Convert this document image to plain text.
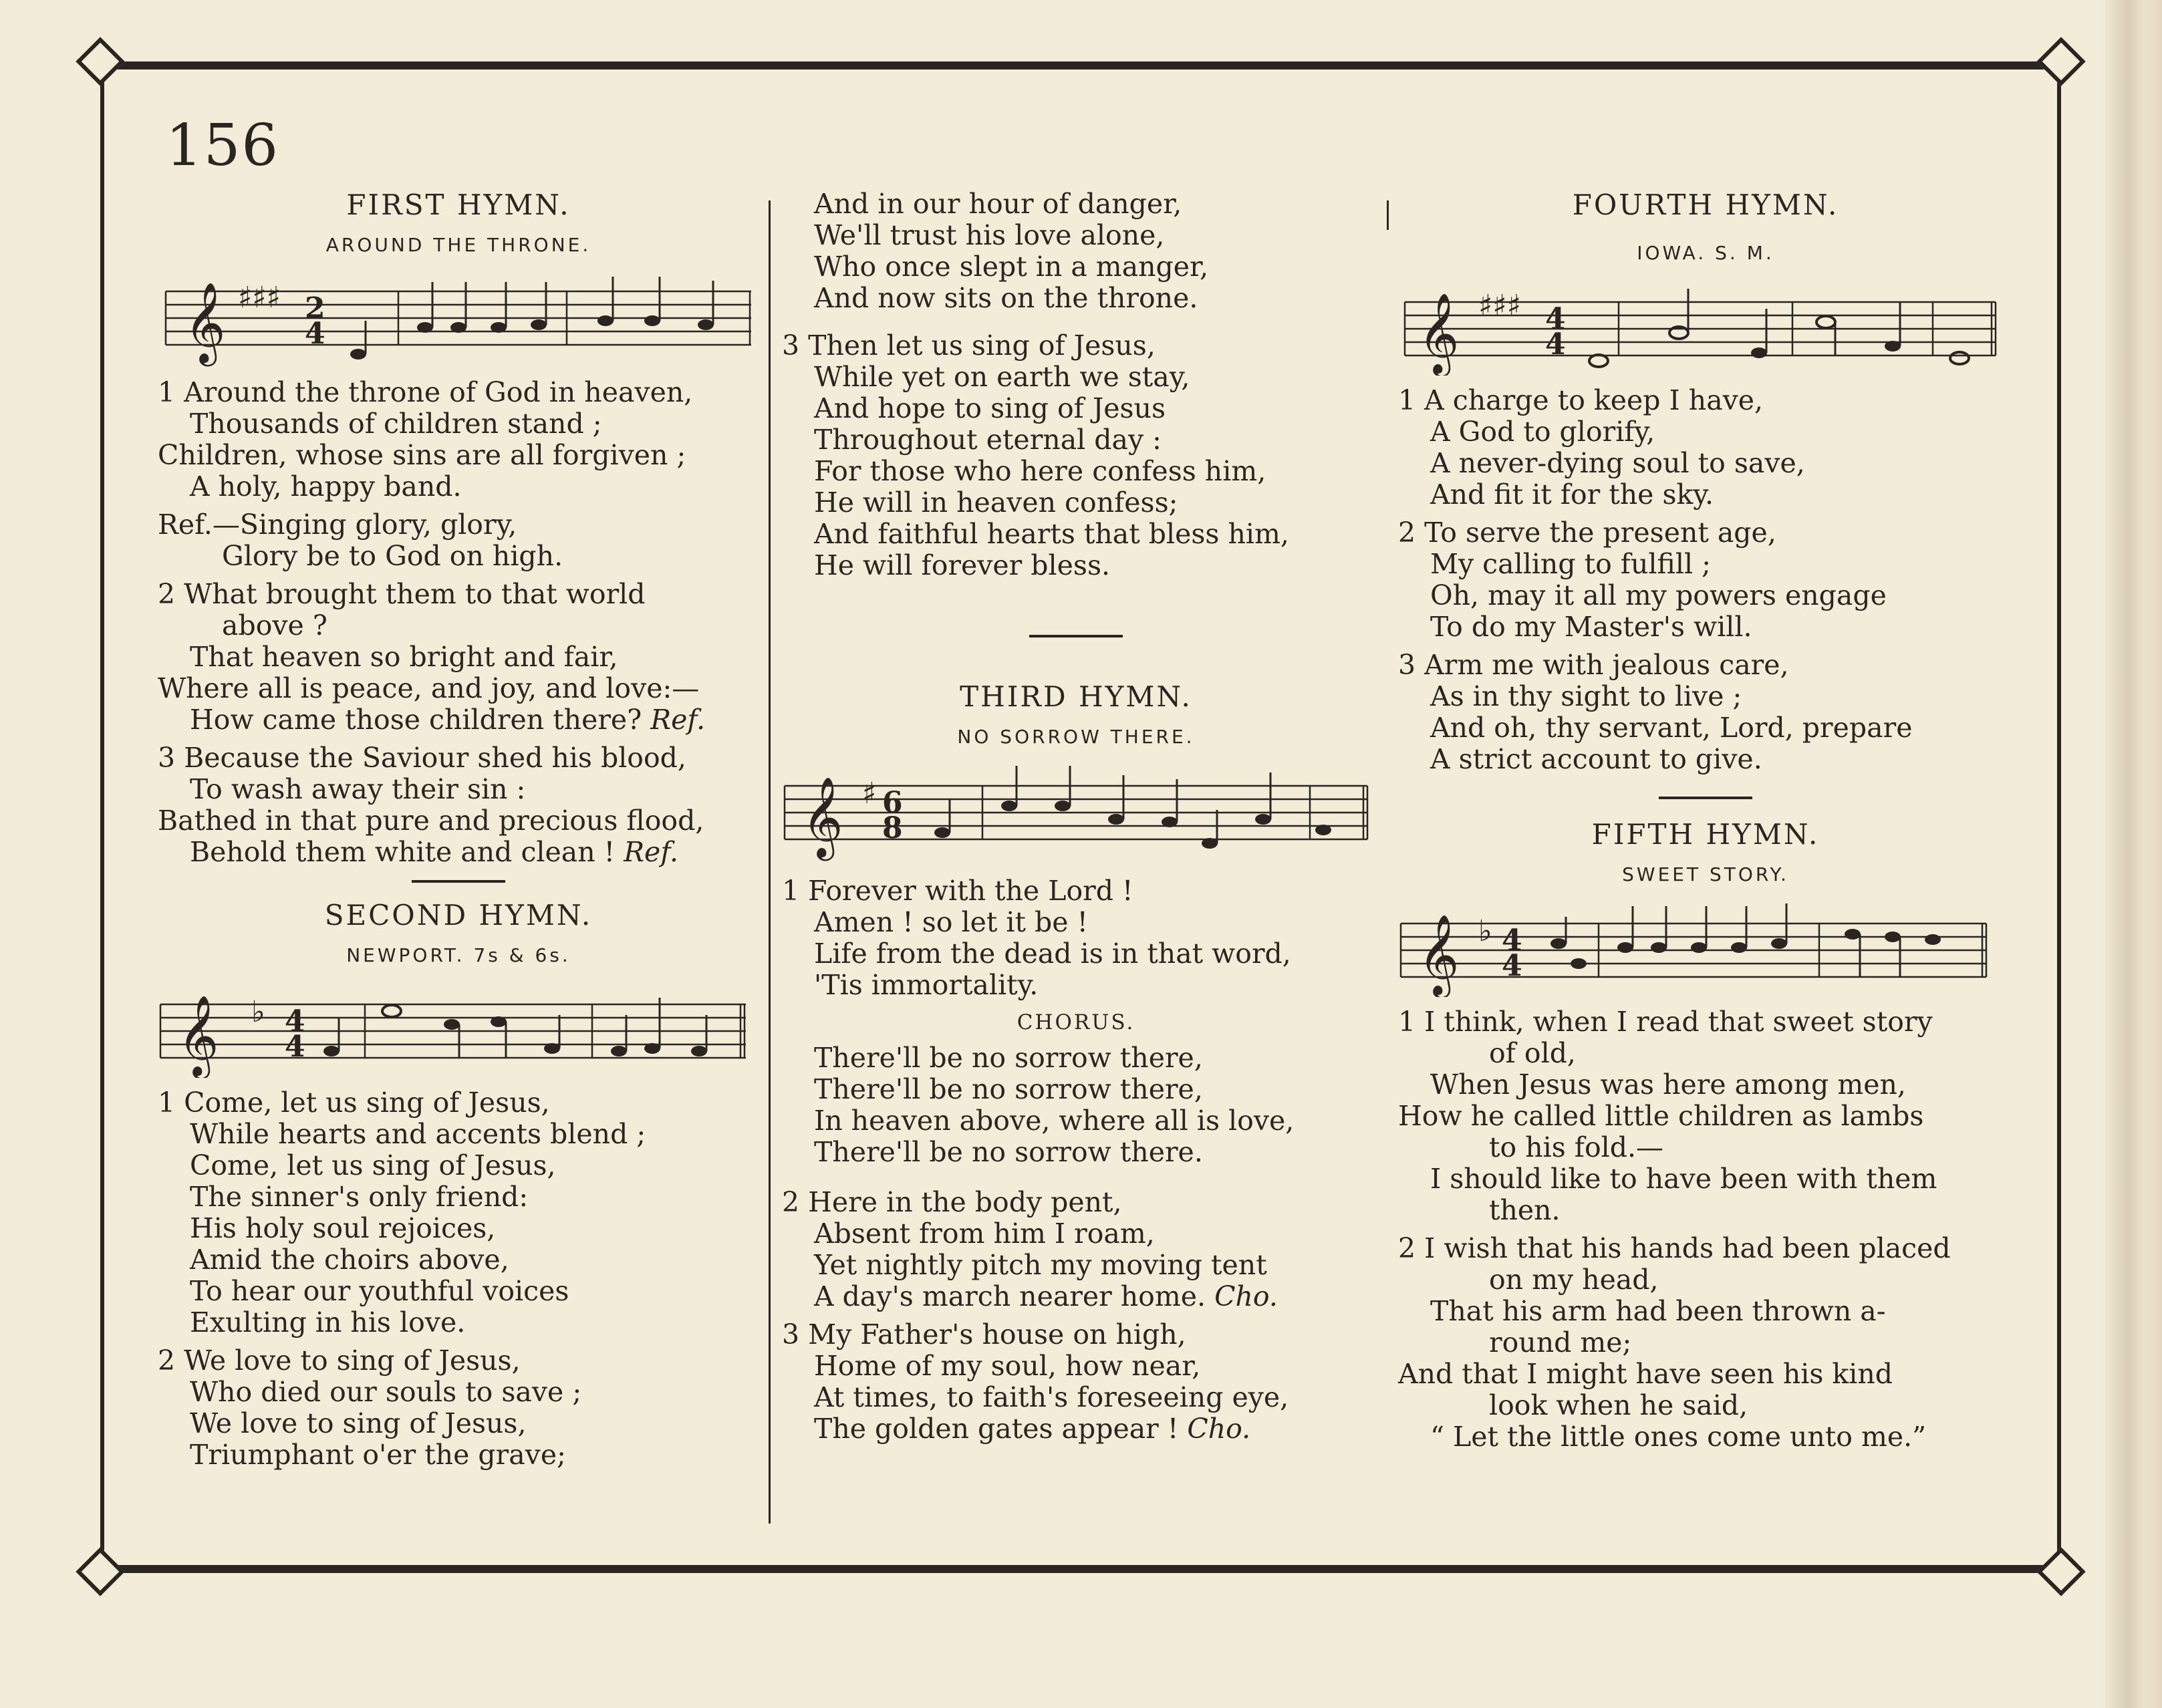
156
FIRST HYMN.
AROUND THE THRONE.
𝄞 ♯♯♯ 2
4
1 Around the throne of God in heaven,
Thousands of children stand ;
Children, whose sins are all forgiven ;
A holy, happy band.
Ref.—Singing glory, glory,
Glory be to God on high.
2 What brought them to that world
above ?
That heaven so bright and fair,
Where all is peace, and joy, and love:—
How came those children there? Ref.
3 Because the Saviour shed his blood,
To wash away their sin :
Bathed in that pure and precious flood,
Behold them white and clean ! Ref.
SECOND HYMN.
NEWPORT. 7s & 6s.
𝄞 ♭ 4
4
1 Come, let us sing of Jesus,
While hearts and accents blend ;
Come, let us sing of Jesus,
The sinner's only friend:
His holy soul rejoices,
Amid the choirs above,
To hear our youthful voices
Exulting in his love.
2 We love to sing of Jesus,
Who died our souls to save ;
We love to sing of Jesus,
Triumphant o'er the grave;
And in our hour of danger,
We'll trust his love alone,
Who once slept in a manger,
And now sits on the throne.
3 Then let us sing of Jesus,
While yet on earth we stay,
And hope to sing of Jesus
Throughout eternal day :
For those who here confess him,
He will in heaven confess;
And faithful hearts that bless him,
He will forever bless.
THIRD HYMN.
NO SORROW THERE.
𝄞 ♯ 6
8
1 Forever with the Lord !
Amen ! so let it be !
Life from the dead is in that word,
'Tis immortality.
CHORUS.
There'll be no sorrow there,
There'll be no sorrow there,
In heaven above, where all is love,
There'll be no sorrow there.
2 Here in the body pent,
Absent from him I roam,
Yet nightly pitch my moving tent
A day's march nearer home. Cho.
3 My Father's house on high,
Home of my soul, how near,
At times, to faith's foreseeing eye,
The golden gates appear ! Cho.
FOURTH HYMN.
IOWA. S. M.
𝄞 ♯♯♯ 4
4
1 A charge to keep I have,
A God to glorify,
A never-dying soul to save,
And fit it for the sky.
2 To serve the present age,
My calling to fulfill ;
Oh, may it all my powers engage
To do my Master's will.
3 Arm me with jealous care,
As in thy sight to live ;
And oh, thy servant, Lord, prepare
A strict account to give.
FIFTH HYMN.
SWEET STORY.
𝄞 ♭ 4
4
1 I think, when I read that sweet story
of old,
When Jesus was here among men,
How he called little children as lambs
to his fold.—
I should like to have been with them
then.
2 I wish that his hands had been placed
on my head,
That his arm had been thrown a-
round me;
And that I might have seen his kind
look when he said,
“ Let the little ones come unto me.”
